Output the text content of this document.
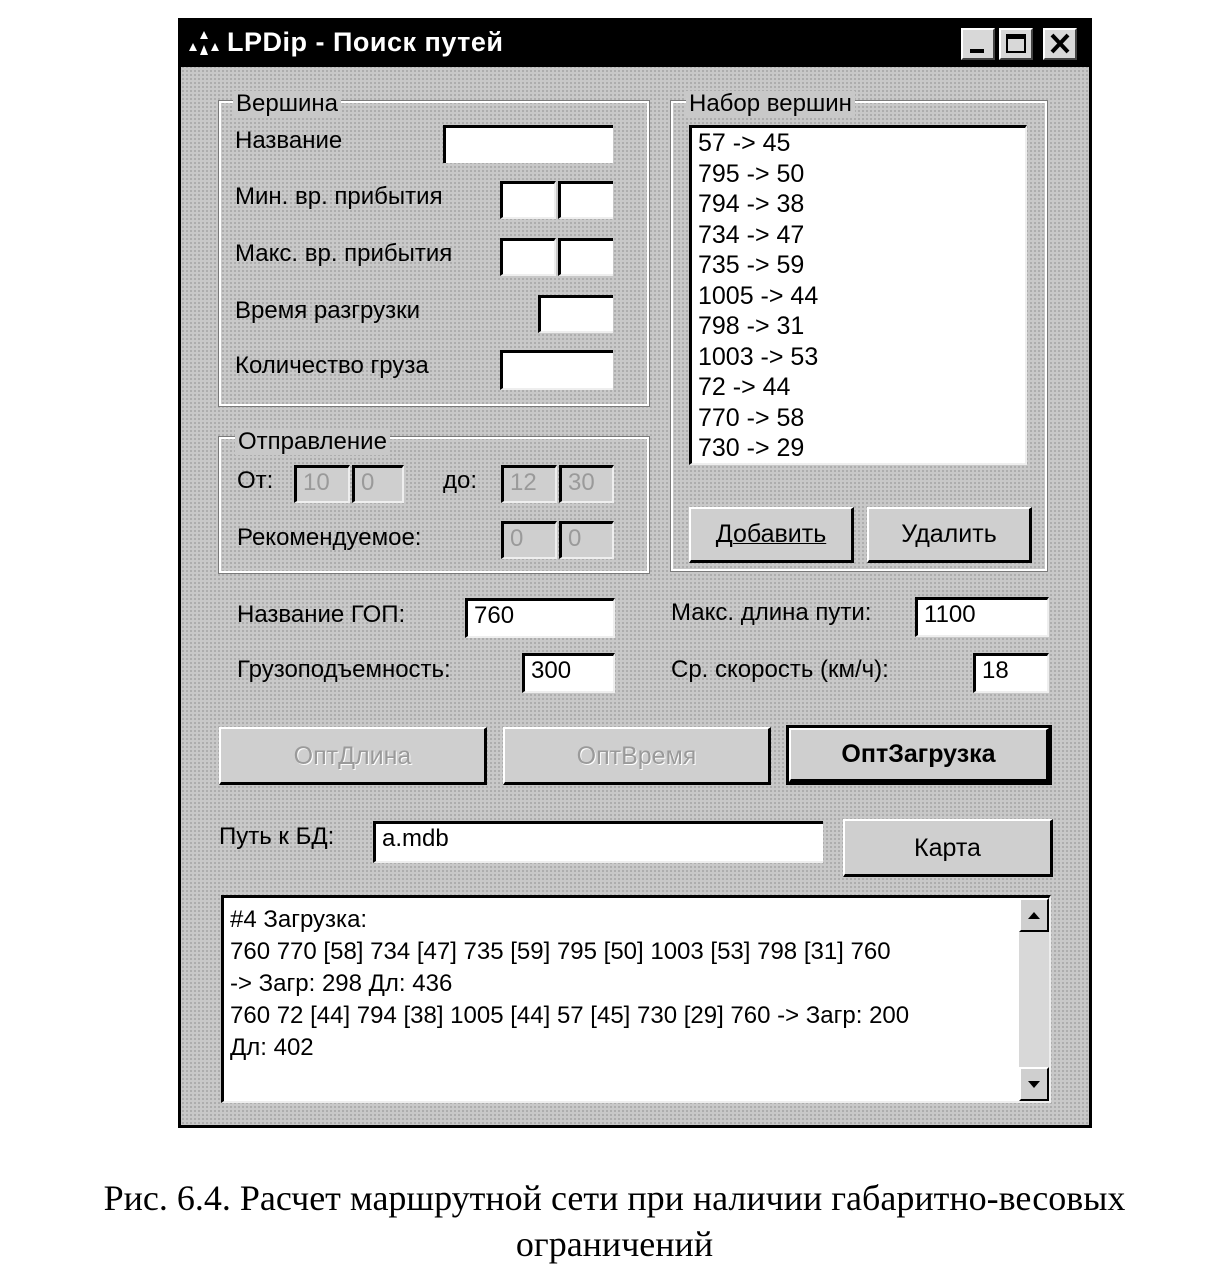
LPDip - Поиск путей
Вершина
Название
Мин. вр. прибытия
Макс. вр. прибытия
Время разгрузки
Количество груза
Набор вершин
57 -> 45
795 -> 50
794 -> 38
734 -> 47
735 -> 59
1005 -> 44
798 -> 31
1003 -> 53
72 -> 44
770 -> 58
730 -> 29
Добавить	Удалить
Отправление
От:	10	0	до:	12	30
Рекомендуемое:	0	0
Название ГОП:	760
Грузоподъемность:	300
Макс. длина пути:	1100
Ср. скорость (км/ч):	18
ОптДлина	ОптВремя	ОптЗагрузка
Путь к БД:	a.mdb	Карта
#4 Загрузка:
760 770 [58] 734 [47] 735 [59] 795 [50] 1003 [53] 798 [31] 760
-> Загр: 298 Дл: 436
760 72 [44] 794 [38] 1005 [44] 57 [45] 730 [29] 760 -> Загр: 200
Дл: 402
Рис. 6.4. Расчет маршрутной сети при наличии габаритно-весовых
ограничений
